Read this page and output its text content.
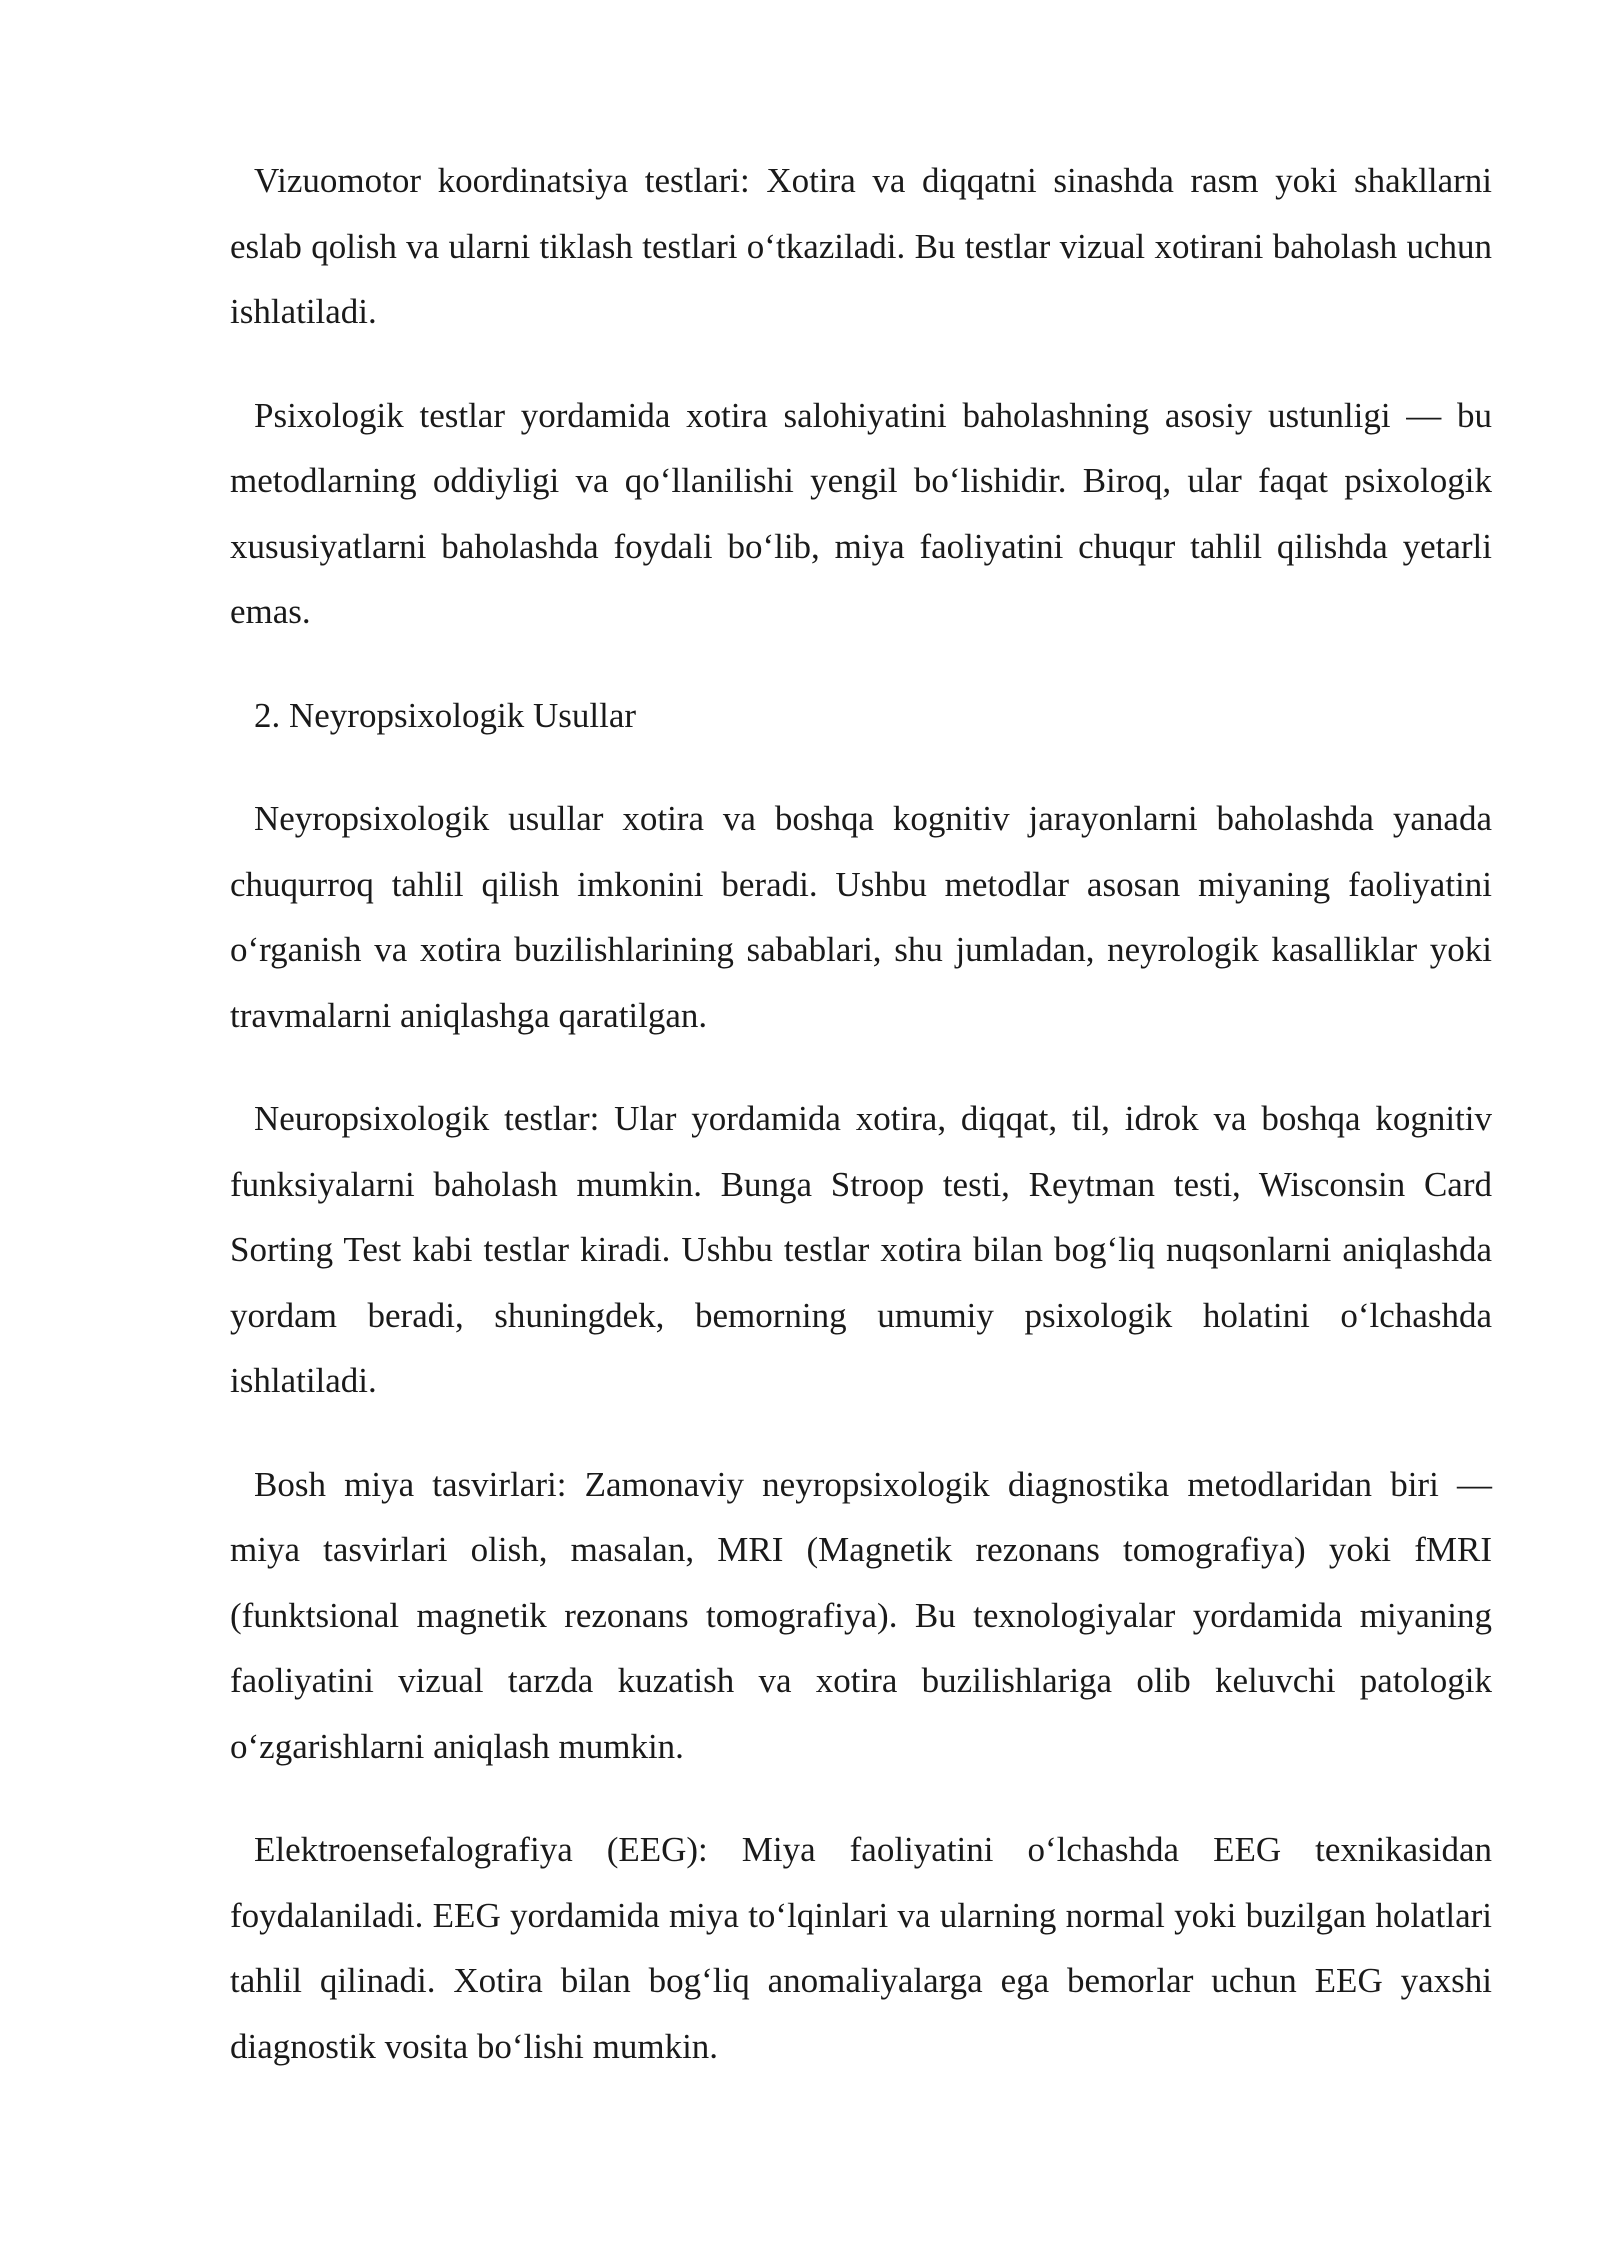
Vizuomotor koordinatsiya testlari: Xotira va diqqatni sinashda rasm yoki shakllarni eslab qolish va ularni tiklash testlari o‘tkaziladi. Bu testlar vizual xotirani baholash uchun ishlatiladi.

Psixologik testlar yordamida xotira salohiyatini baholashning asosiy ustunligi — bu metodlarning oddiyligi va qo‘llanilishi yengil bo‘lishidir. Biroq, ular faqat psixologik xususiyatlarni baholashda foydali bo‘lib, miya faoliyatini chuqur tahlil qilishda yetarli emas.

2. Neyropsixologik Usullar

Neyropsixologik usullar xotira va boshqa kognitiv jarayonlarni baholashda yanada chuqurroq tahlil qilish imkonini beradi. Ushbu metodlar asosan miyaning faoliyatini o‘rganish va xotira buzilishlarining sabablari, shu jumladan, neyrologik kasalliklar yoki travmalarni aniqlashga qaratilgan.

Neuropsixologik testlar: Ular yordamida xotira, diqqat, til, idrok va boshqa kognitiv funksiyalarni baholash mumkin. Bunga Stroop testi, Reytman testi, Wisconsin Card Sorting Test kabi testlar kiradi. Ushbu testlar xotira bilan bog‘liq nuqsonlarni aniqlashda yordam beradi, shuningdek, bemorning umumiy psixologik holatini o‘lchashda ishlatiladi.

Bosh miya tasvirlari: Zamonaviy neyropsixologik diagnostika metodlaridan biri — miya tasvirlari olish, masalan, MRI (Magnetik rezonans tomografiya) yoki fMRI (funktsional magnetik rezonans tomografiya). Bu texnologiyalar yordamida miyaning faoliyatini vizual tarzda kuzatish va xotira buzilishlariga olib keluvchi patologik o‘zgarishlarni aniqlash mumkin.

Elektroensefalografiya (EEG): Miya faoliyatini o‘lchashda EEG texnikasidan foydalaniladi. EEG yordamida miya to‘lqinlari va ularning normal yoki buzilgan holatlari tahlil qilinadi. Xotira bilan bog‘liq anomaliyalarga ega bemorlar uchun EEG yaxshi diagnostik vosita bo‘lishi mumkin.
